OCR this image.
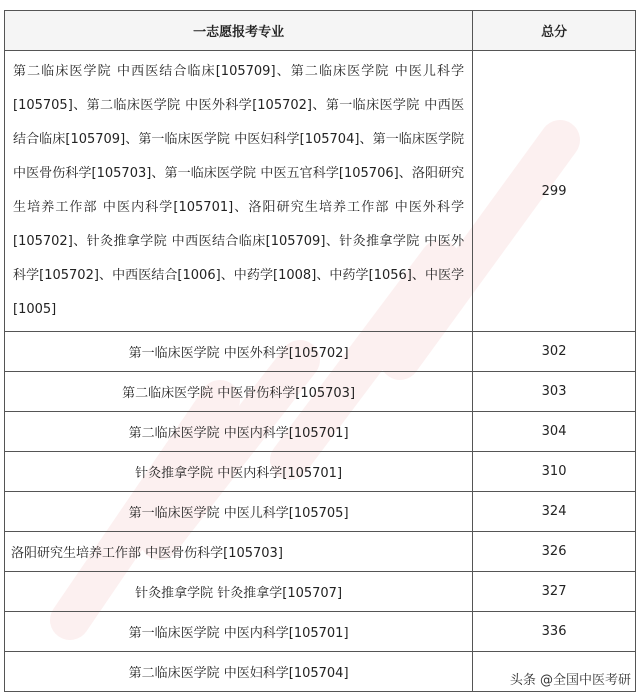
一志愿报考专业	总分
第二临床医学院 中西医结合临床[105709]、第二临床医学院 中医儿科学[105705]、第二临床医学院 中医外科学[105702]、第一临床医学院 中西医结合临床[105709]、第一临床医学院 中医妇科学[105704]、第一临床医学院 中医骨伤科学[105703]、第一临床医学院 中医五官科学[105706]、洛阳研究生培养工作部 中医内科学[105701]、洛阳研究生培养工作部 中医外科学[105702]、针灸推拿学院 中西医结合临床[105709]、针灸推拿学院 中医外科学[105702]、中西医结合[1006]、中药学[1008]、中药学[1056]、中医学[1005]	299
第一临床医学院 中医外科学[105702]	302
第二临床医学院 中医骨伤科学[105703]	303
第二临床医学院 中医内科学[105701]	304
针灸推拿学院 中医内科学[105701]	310
第一临床医学院 中医儿科学[105705]	324
洛阳研究生培养工作部 中医骨伤科学[105703]	326
针灸推拿学院 针灸推拿学[105707]	327
第一临床医学院 中医内科学[105701]	336
第二临床医学院 中医妇科学[105704]		头条 @全国中医考研
